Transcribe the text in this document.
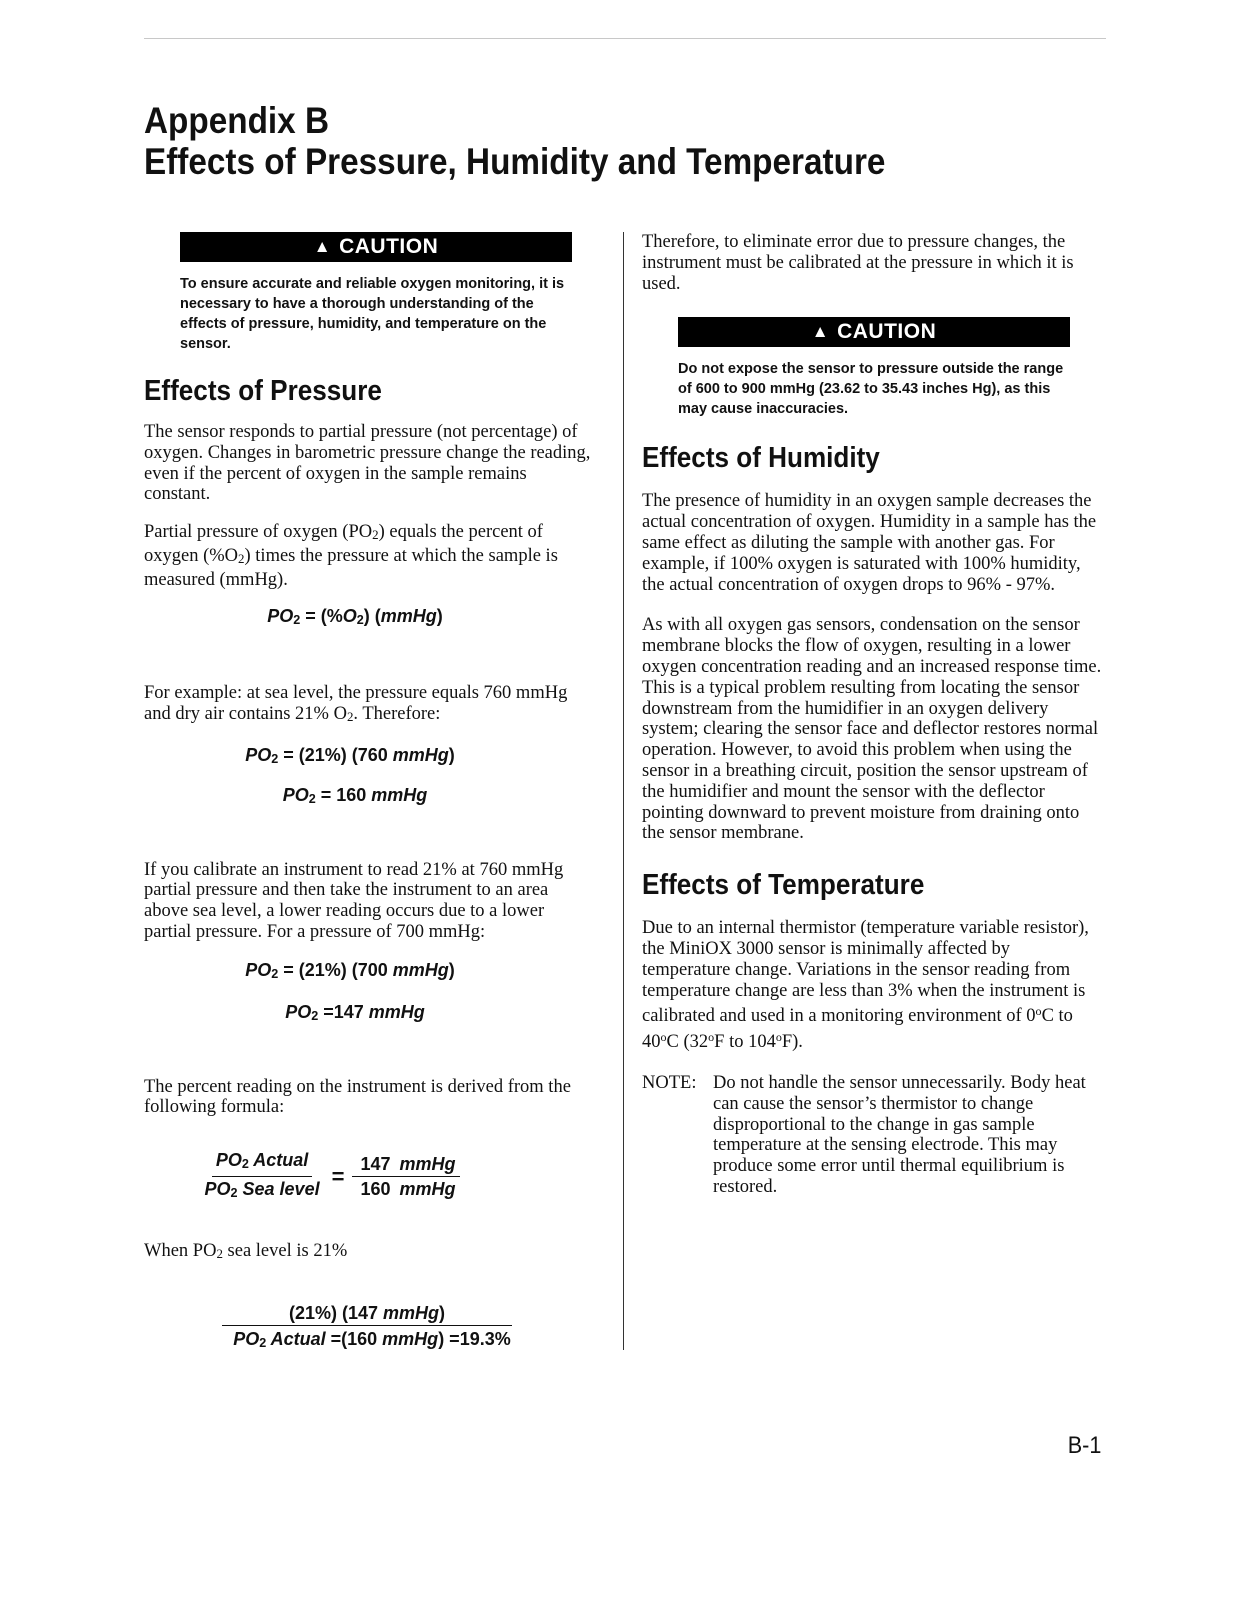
Appendix B
Effects of Pressure, Humidity and Temperature
▲ CAUTION

To ensure accurate and reliable oxygen monitoring, it is necessary to have a thorough understanding of the effects of pressure, humidity, and temperature on the sensor.

Effects of Pressure

The sensor responds to partial pressure (not percentage) of oxygen. Changes in barometric pressure change the reading, even if the percent of oxygen in the sample remains constant.

Partial pressure of oxygen $(PO_2)$ equals the percent of oxygen $(\%O_2)$ times the pressure at which the sample is measured (mmHg).

$PO_2 = (\%O_2)$ (mmHg)

For example: at sea level, the pressure equals 760 mmHg and dry air contains 21% $O_2$. Therefore:

$PO_2 = (21\%)$ (760 mmHg)

$PO_2 = 160$ mmHg

If you calibrate an instrument to read 21% at 760 mmHg partial pressure and then take the instrument to an area above sea level, a lower reading occurs due to a lower partial pressure. For a pressure of 700 mmHg:

$PO_2 = (21\%)$ (700 mmHg)

$PO_2 =147$ mmHg

The percent reading on the instrument is derived from the following formula:

$PO_2$ Actual
$PO_2$ Sea level
= 147 mmHg
160 mmHg

When $PO_2$ sea level is 21%

(21%) (147 mmHg)
$PO_2$ Actual =(160 mmHg) =19.3%

Therefore, to eliminate error due to pressure changes, the instrument must be calibrated at the pressure in which it is used.

▲ CAUTION

Do not expose the sensor to pressure outside the range of 600 to 900 mmHg (23.62 to 35.43 inches Hg), as this may cause inaccuracies.

Effects of Humidity

The presence of humidity in an oxygen sample decreases the actual concentration of oxygen. Humidity in a sample has the same effect as diluting the sample with another gas. For example, if 100% oxygen is saturated with 100% humidity, the actual concentration of oxygen drops to 96% - 97%.

As with all oxygen gas sensors, condensation on the sensor membrane blocks the flow of oxygen, resulting in a lower oxygen concentration reading and an increased response time. This is a typical problem resulting from locating the sensor downstream from the humidifier in an oxygen delivery system; clearing the sensor face and deflector restores normal operation. However, to avoid this problem when using the sensor in a breathing circuit, position the sensor upstream of the humidifier and mount the sensor with the deflector pointing downward to prevent moisture from draining onto the sensor membrane.

Effects of Temperature

Due to an internal thermistor (temperature variable resistor), the MiniOX 3000 sensor is minimally affected by temperature change. Variations in the sensor reading from temperature change are less than 3% when the instrument is calibrated and used in a monitoring environment of 0$^o$C to 40$^o$C (32$^o$F to 104$^o$F).

NOTE: Do not handle the sensor unnecessarily. Body heat can cause the sensor’s thermistor to change disproportional to the change in gas sample temperature at the sensing electrode. This may produce some error until thermal equilibrium is restored.
B-1
